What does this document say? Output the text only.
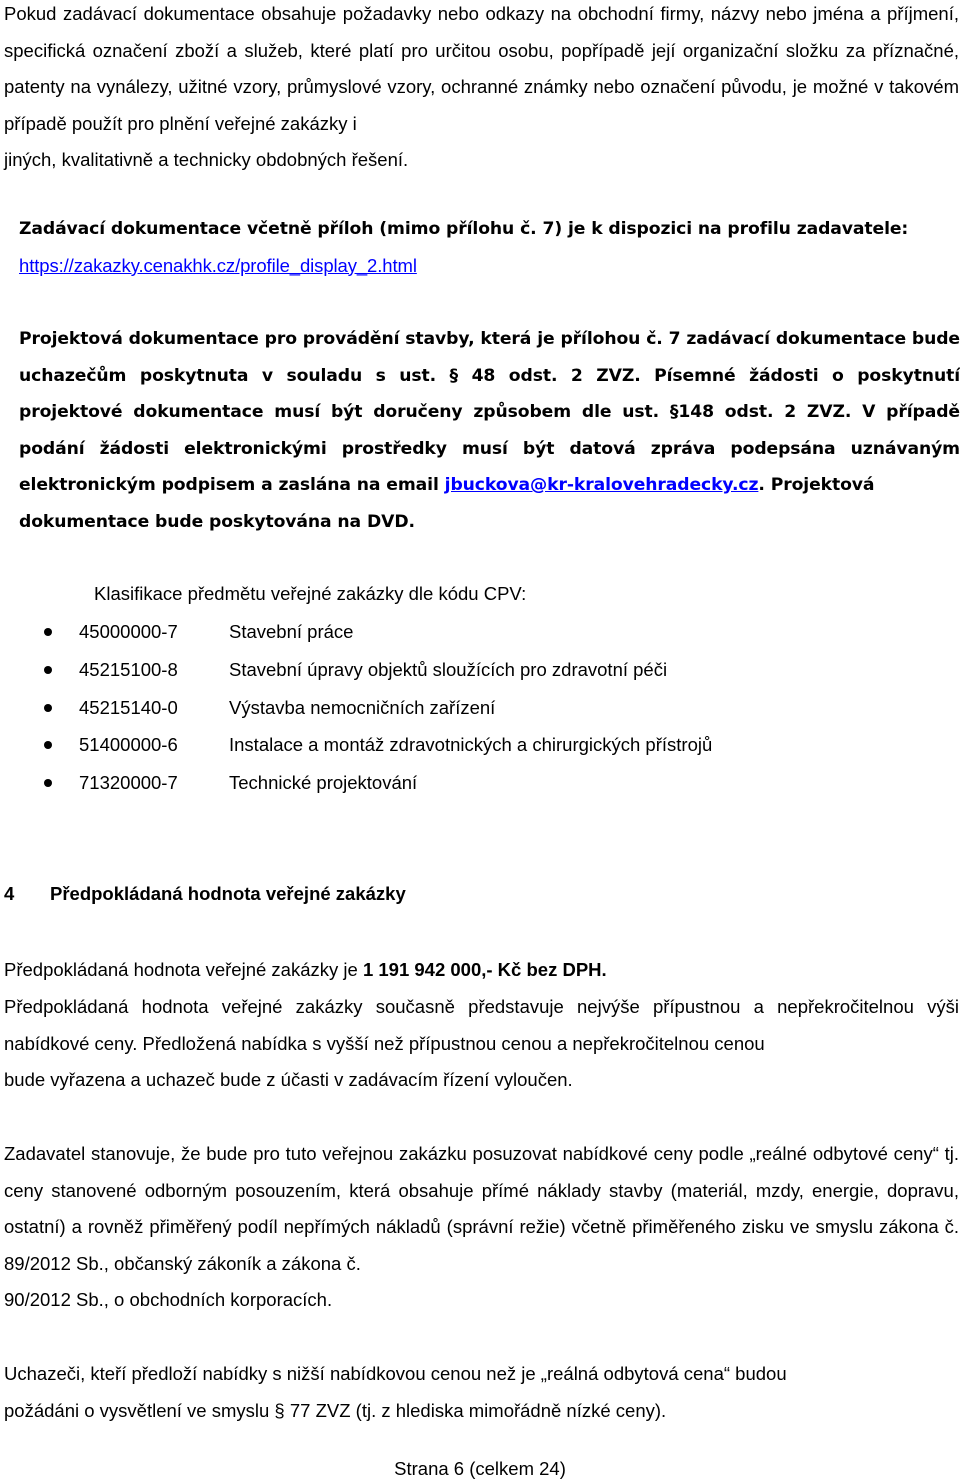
Pokud zadávací dokumentace obsahuje požadavky nebo odkazy na obchodní firmy, názvy nebo jména a příjmení, specifická označení zboží a služeb, které platí pro určitou osobu, popřípadě její organizační složku za příznačné, patenty na vynálezy, užitné vzory, průmyslové vzory, ochranné známky nebo označení původu, je možné v takovém případě použít pro plnění veřejné zakázky i
jiných, kvalitativně a technicky obdobných řešení.
Zadávací dokumentace včetně příloh (mimo přílohu č. 7) je k dispozici na profilu zadavatele:
https://zakazky.cenakhk.cz/profile_display_2.html
Projektová dokumentace pro provádění stavby, která je přílohou č. 7 zadávací dokumentace bude uchazečům poskytnuta v souladu s ust. § 48 odst. 2 ZVZ. Písemné žádosti o poskytnutí projektové dokumentace musí být doručeny způsobem dle ust. §148 odst. 2 ZVZ. V případě podání žádosti elektronickými prostředky musí být datová zpráva podepsána uznávaným elektronickým podpisem a zaslána na email jbuckova@kr-kralovehradecky.cz. Projektová
dokumentace bude poskytována na DVD.
Klasifikace předmětu veřejné zakázky dle kódu CPV:
45000000-7	Stavební práce
45215100-8	Stavební úpravy objektů sloužících pro zdravotní péči
45215140-0	Výstavba nemocničních zařízení
51400000-6	Instalace a montáž zdravotnických a chirurgických přístrojů
71320000-7	Technické projektování
4 Předpokládaná hodnota veřejné zakázky
Předpokládaná hodnota veřejné zakázky je 1 191 942 000,- Kč bez DPH.
Předpokládaná hodnota veřejné zakázky současně představuje nejvýše přípustnou a nepřekročitelnou výši nabídkové ceny. Předložená nabídka s vyšší než přípustnou cenou a nepřekročitelnou cenou
bude vyřazena a uchazeč bude z účasti v zadávacím řízení vyloučen.
Zadavatel stanovuje, že bude pro tuto veřejnou zakázku posuzovat nabídkové ceny podle „reálné odbytové ceny“ tj. ceny stanovené odborným posouzením, která obsahuje přímé náklady stavby (materiál, mzdy, energie, dopravu, ostatní) a rovněž přiměřený podíl nepřímých nákladů (správní režie) včetně přiměřeného zisku ve smyslu zákona č. 89/2012 Sb., občanský zákoník a zákona č.
90/2012 Sb., o obchodních korporacích.
Uchazeči, kteří předloží nabídky s nižší nabídkovou cenou než je „reálná odbytová cena“ budou
požádáni o vysvětlení ve smyslu § 77 ZVZ (tj. z hlediska mimořádně nízké ceny).
Strana 6 (celkem 24)
